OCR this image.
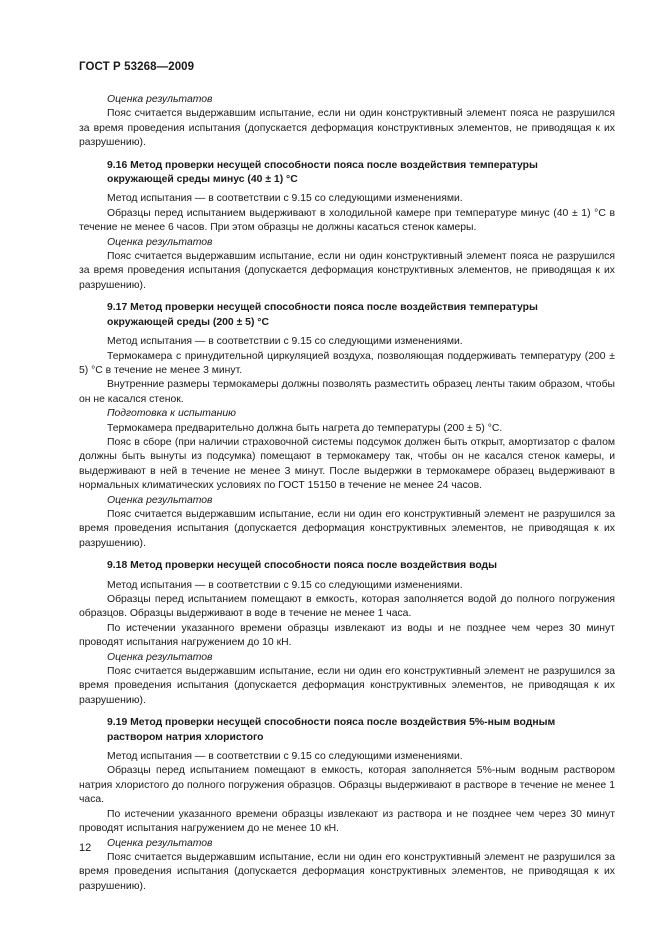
ГОСТ Р 53268—2009

Оценка результатов

Пояс считается выдержавшим испытание, если ни один конструктивный элемент пояса не разрушился за время проведения испытания (допускается деформация конструктивных элементов, не приводящая к их разрушению).

9.16 Метод проверки несущей способности пояса после воздействия температуры
окружающей среды минус (40 ± 1) °С

Метод испытания — в соответствии с 9.15 со следующими изменениями.

Образцы перед испытанием выдерживают в холодильной камере при температуре минус (40 ± 1) °С в течение не менее 6 часов. При этом образцы не должны касаться стенок камеры.

Оценка результатов

Пояс считается выдержавшим испытание, если ни один конструктивный элемент пояса не разрушился за время проведения испытания (допускается деформация конструктивных элементов, не приводящая к их разрушению).

9.17 Метод проверки несущей способности пояса после воздействия температуры
окружающей среды (200 ± 5) °С

Метод испытания — в соответствии с 9.15 со следующими изменениями.

Термокамера с принудительной циркуляцией воздуха, позволяющая поддерживать температуру (200 ± 5) °С в течение не менее 3 минут.

Внутренние размеры термокамеры должны позволять разместить образец ленты таким образом, чтобы он не касался стенок.

Подготовка к испытанию

Термокамера предварительно должна быть нагрета до температуры (200 ± 5) °С.

Пояс в сборе (при наличии страховочной системы подсумок должен быть открыт, амортизатор с фалом должны быть вынуты из подсумка) помещают в термокамеру так, чтобы он не касался стенок камеры, и выдерживают в ней в течение не менее 3 минут. После выдержки в термокамере образец выдерживают в нормальных климатических условиях по ГОСТ 15150 в течение не менее 24 часов.

Оценка результатов

Пояс считается выдержавшим испытание, если ни один его конструктивный элемент не разрушился за время проведения испытания (допускается деформация конструктивных элементов, не приводящая к их разрушению).

9.18 Метод проверки несущей способности пояса после воздействия воды

Метод испытания — в соответствии с 9.15 со следующими изменениями.

Образцы перед испытанием помещают в емкость, которая заполняется водой до полного погружения образцов. Образцы выдерживают в воде в течение не менее 1 часа.

По истечении указанного времени образцы извлекают из воды и не позднее чем через 30 минут проводят испытания нагружением до 10 кН.

Оценка результатов

Пояс считается выдержавшим испытание, если ни один его конструктивный элемент не разрушился за время проведения испытания (допускается деформация конструктивных элементов, не приводящая к их разрушению).

9.19 Метод проверки несущей способности пояса после воздействия 5%-ным водным
раствором натрия хлористого

Метод испытания — в соответствии с 9.15 со следующими изменениями.

Образцы перед испытанием помещают в емкость, которая заполняется 5%-ным водным раствором натрия хлористого до полного погружения образцов. Образцы выдерживают в растворе в течение не менее 1 часа.

По истечении указанного времени образцы извлекают из раствора и не позднее чем через 30 минут проводят испытания нагружением до не менее 10 кН.

Оценка результатов

Пояс считается выдержавшим испытание, если ни один его конструктивный элемент не разрушился за время проведения испытания (допускается деформация конструктивных элементов, не приводящая к их разрушению).

12
